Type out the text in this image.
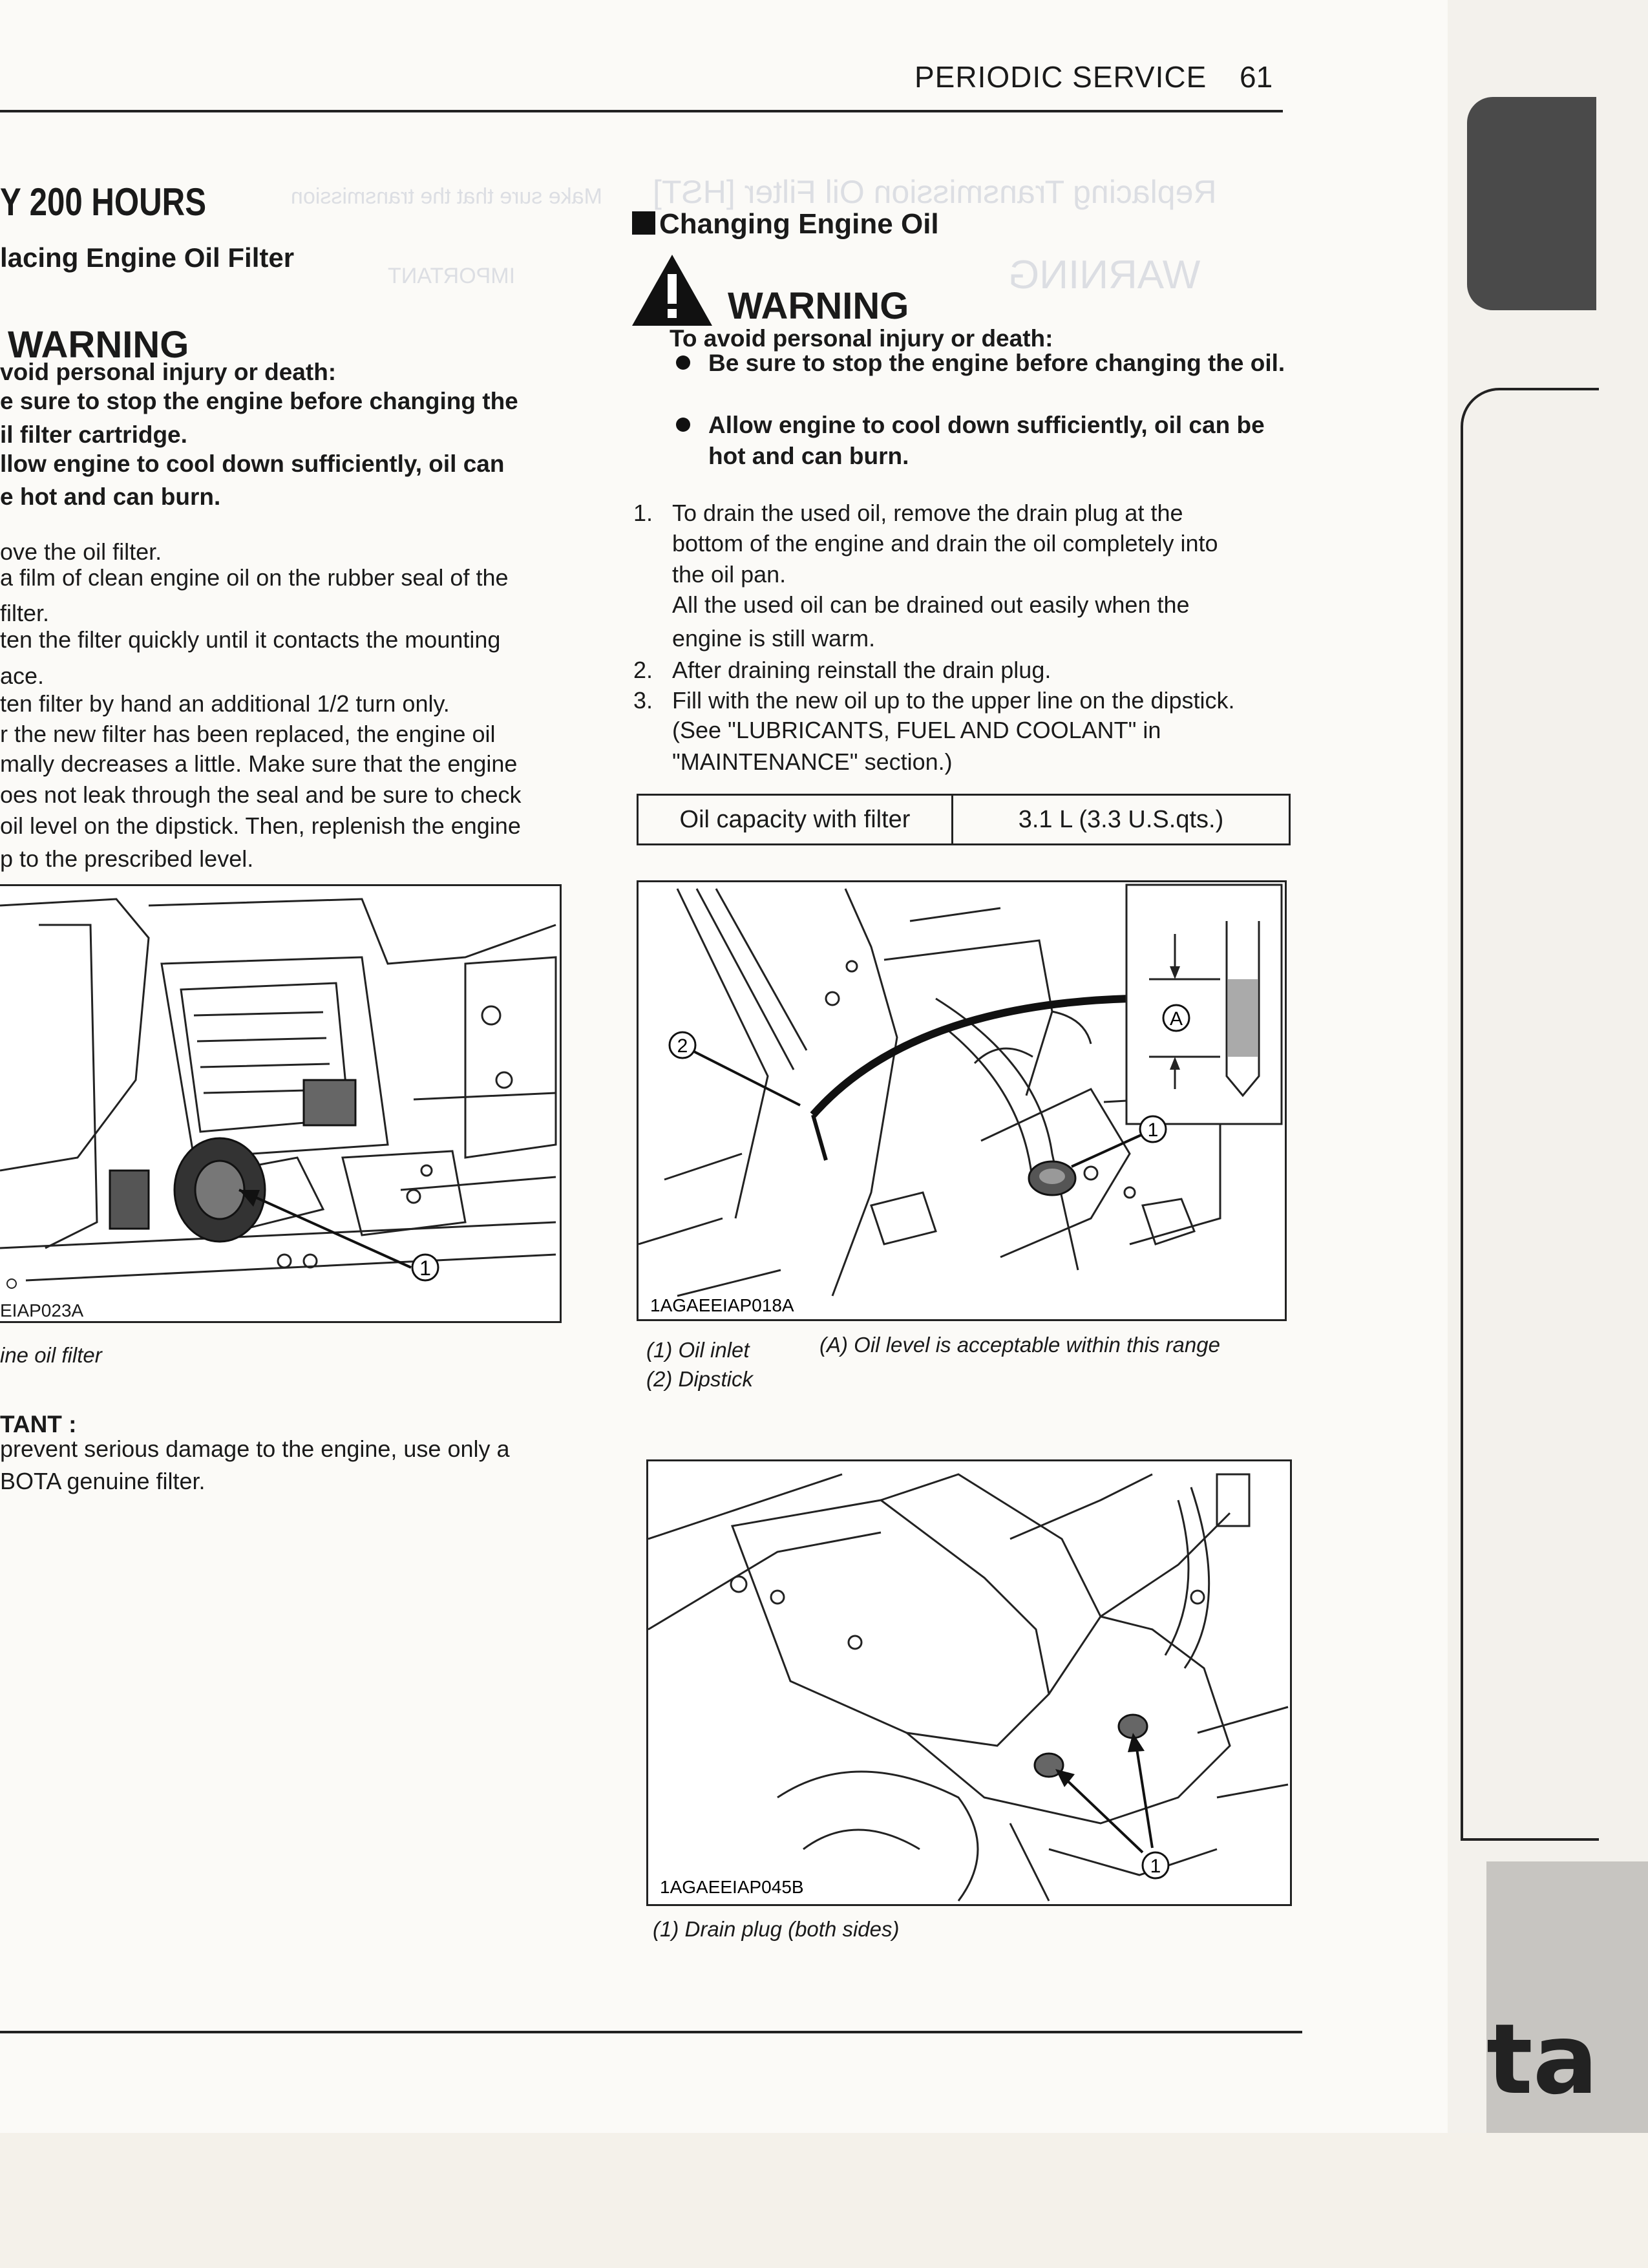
ta
PERIODIC SERVICE 61
Replacing Transmission Oil Filter [HST]
WARNING
Make sure that the transmission
IMPORTANT
Y 200 HOURS
lacing Engine Oil Filter
WARNING
void personal injury or death:
e sure to stop the engine before changing the
il filter cartridge.
llow engine to cool down sufficiently, oil can
e hot and can burn.
ove the oil filter.
a film of clean engine oil on the rubber seal of the
filter.
ten the filter quickly until it contacts the mounting
ace.
ten filter by hand an additional 1/2 turn only.
r the new filter has been replaced, the engine oil
mally decreases a little. Make sure that the engine
oes not leak through the seal and be sure to check
oil level on the dipstick. Then, replenish the engine
p to the prescribed level.
1
EIAP023A
ine oil filter
TANT :
prevent serious damage to the engine, use only a
BOTA genuine filter.
Changing Engine Oil
WARNING
To avoid personal injury or death:
Be sure to stop the engine before changing the oil.
Allow engine to cool down sufficiently, oil can be hot and can burn.
1. To drain the used oil, remove the drain plug at the
bottom of the engine and drain the oil completely into
the oil pan.
All the used oil can be drained out easily when the
engine is still warm.
2. After draining reinstall the drain plug.
3. Fill with the new oil up to the upper line on the dipstick.
(See "LUBRICANTS, FUEL AND COOLANT" in
"MAINTENANCE" section.)
Oil capacity with filter	3.1 L (3.3 U.S.qts.)
A
1
2
1AGAEEIAP018A
(1) Oil inlet
(2) Dipstick
(A) Oil level is acceptable within this range
1
1AGAEEIAP045B
(1) Drain plug (both sides)
